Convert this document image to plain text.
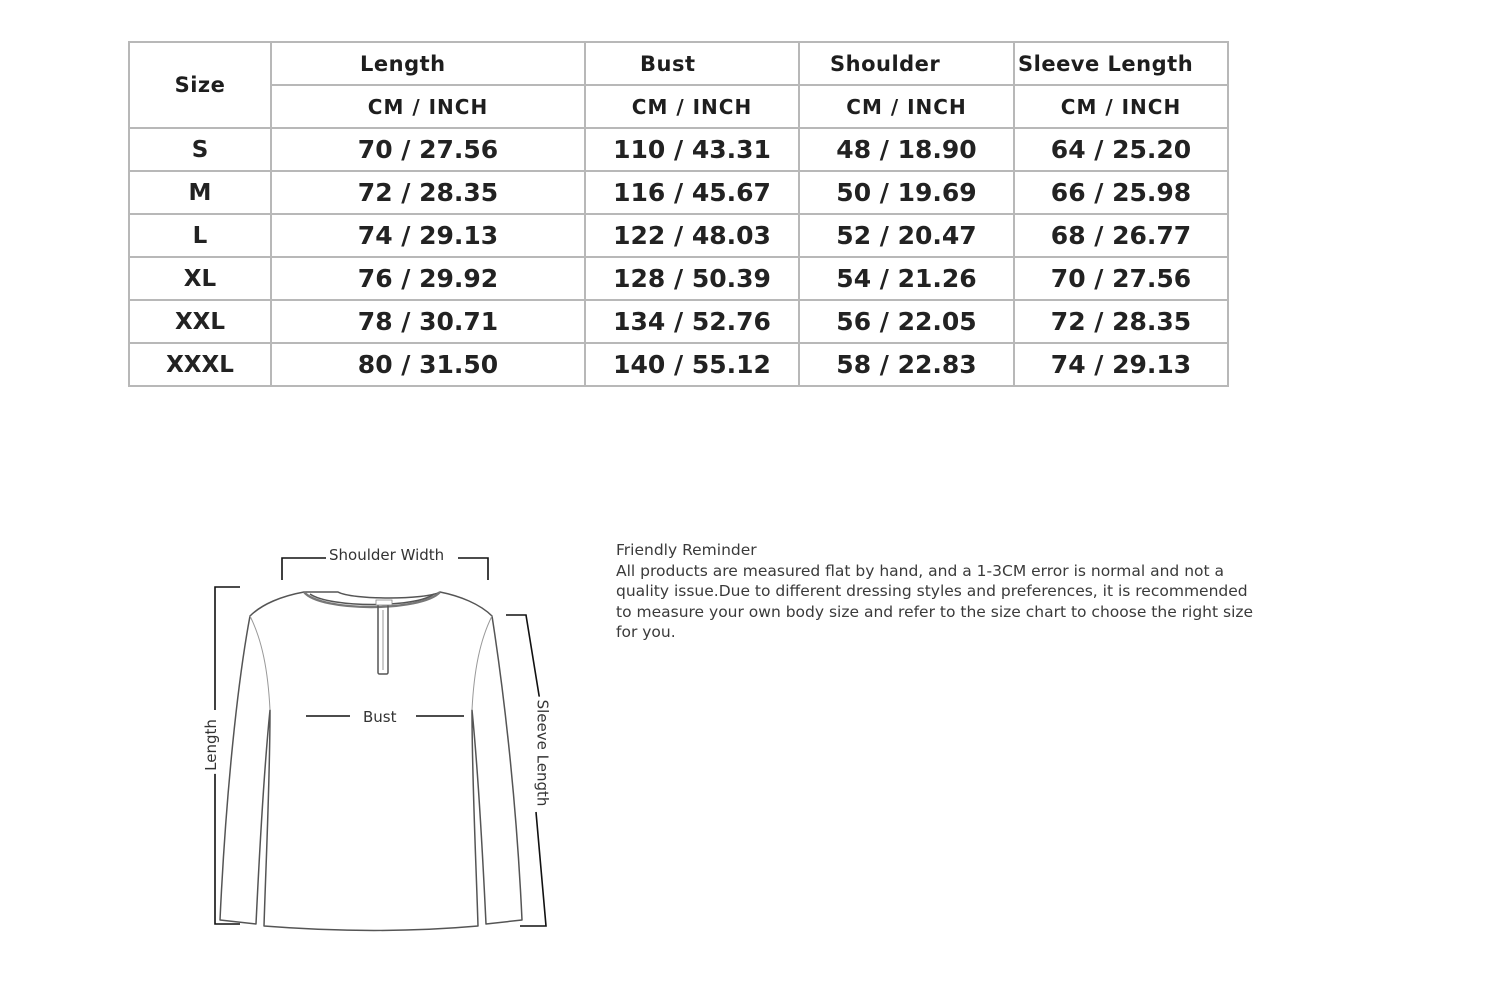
Size	Length	Bust	Shoulder	Sleeve Length
	CM / INCH	CM / INCH	CM / INCH	CM / INCH
S	70 / 27.56	110 / 43.31	48 / 18.90	64 / 25.20
M	72 / 28.35	116 / 45.67	50 / 19.69	66 / 25.98
L	74 / 29.13	122 / 48.03	52 / 20.47	68 / 26.77
XL	76 / 29.92	128 / 50.39	54 / 21.26	70 / 27.56
XXL	78 / 30.71	134 / 52.76	56 / 22.05	72 / 28.35
XXXL	80 / 31.50	140 / 55.12	58 / 22.83	74 / 29.13
Shoulder Width
Bust
Length	Sleeve Length

Friendly Reminder

All products are measured flat by hand, and a 1-3CM error is normal and not a quality issue.Due to different dressing styles and preferences, it is recommended to measure your own body size and refer to the size chart to choose the right size for you.
